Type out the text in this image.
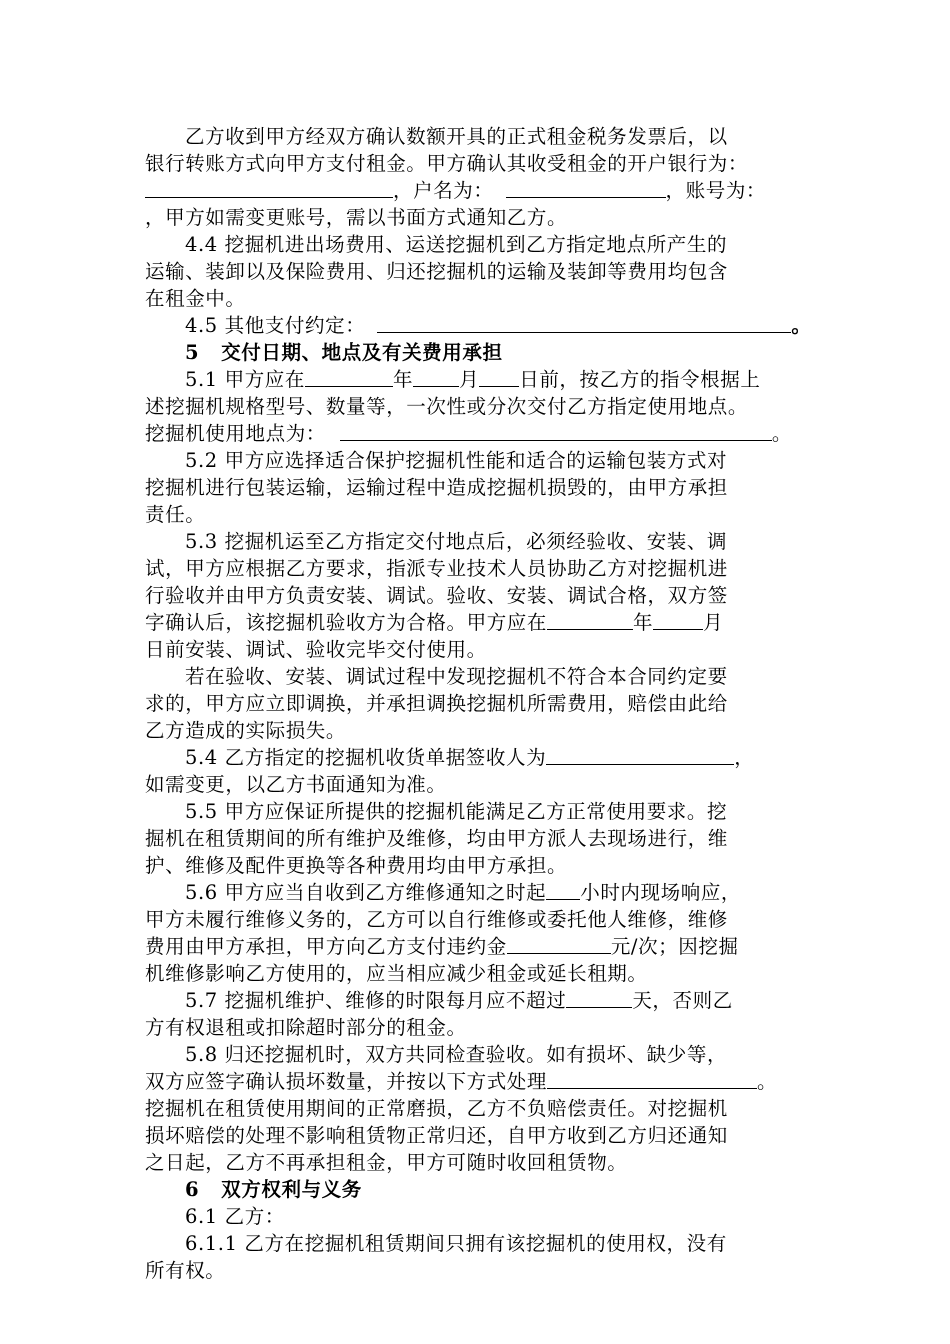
乙方收到甲方经双方确认数额开具的正式租金税务发票后，以
银行转账方式向甲方支付租金。甲方确认其收受租金的开户银行为：
，户名为：	，账号为：
，甲方如需变更账号，需以书面方式通知乙方。
4.4 挖掘机进出场费用、运送挖掘机到乙方指定地点所产生的
运输、装卸以及保险费用、归还挖掘机的运输及装卸等费用均包含
在租金中。
4.5 其他支付约定：	。
5 交付日期、地点及有关费用承担
5.1 甲方应在	年 月 日前，按乙方的指令根据上
述挖掘机规格型号、数量等，一次性或分次交付乙方指定使用地点。
挖掘机使用地点为：	。
5.2 甲方应选择适合保护挖掘机性能和适合的运输包装方式对
挖掘机进行包装运输，运输过程中造成挖掘机损毁的，由甲方承担
责任。
5.3 挖掘机运至乙方指定交付地点后，必须经验收、安装、调
试，甲方应根据乙方要求，指派专业技术人员协助乙方对挖掘机进
行验收并由甲方负责安装、调试。验收、安装、调试合格，双方签
字确认后，该挖掘机验收方为合格。甲方应在	年	月
日前安装、调试、验收完毕交付使用。
若在验收、安装、调试过程中发现挖掘机不符合本合同约定要
求的，甲方应立即调换，并承担调换挖掘机所需费用，赔偿由此给
乙方造成的实际损失。
5.4 乙方指定的挖掘机收货单据签收人为	，
如需变更，以乙方书面通知为准。
5.5 甲方应保证所提供的挖掘机能满足乙方正常使用要求。挖
掘机在租赁期间的所有维护及维修，均由甲方派人去现场进行，维
护、维修及配件更换等各种费用均由甲方承担。
5.6 甲方应当自收到乙方维修通知之时起 小时内现场响应，
甲方未履行维修义务的，乙方可以自行维修或委托他人维修，维修
费用由甲方承担，甲方向乙方支付违约金	元/次；因挖掘
机维修影响乙方使用的，应当相应减少租金或延长租期。
5.7 挖掘机维护、维修的时限每月应不超过	天，否则乙
方有权退租或扣除超时部分的租金。
5.8 归还挖掘机时，双方共同检查验收。如有损坏、缺少等，
双方应签字确认损坏数量，并按以下方式处理	。
挖掘机在租赁使用期间的正常磨损，乙方不负赔偿责任。对挖掘机
损坏赔偿的处理不影响租赁物正常归还，自甲方收到乙方归还通知
之日起，乙方不再承担租金，甲方可随时收回租赁物。
6 双方权利与义务
6.1 乙方：
6.1.1 乙方在挖掘机租赁期间只拥有该挖掘机的使用权，没有
所有权。
